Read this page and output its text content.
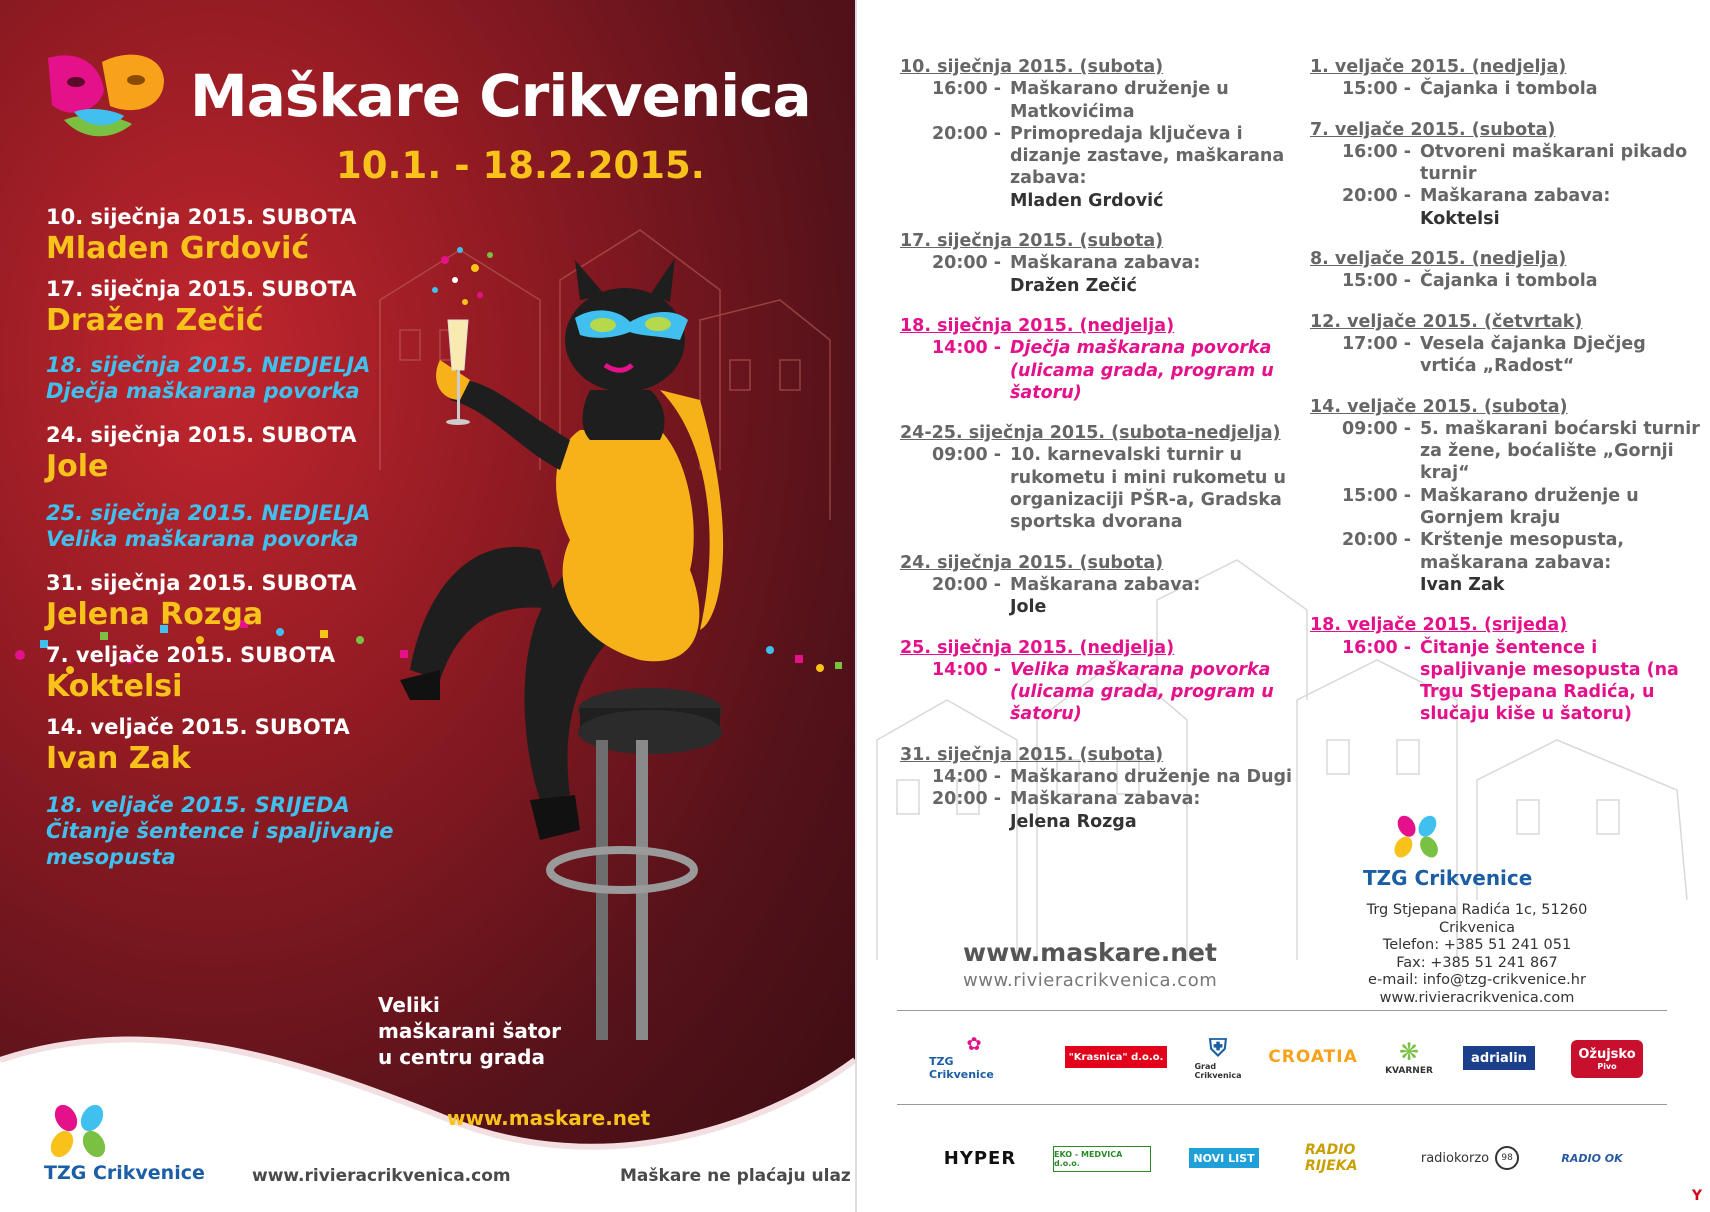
Maškare Crikvenica
10.1. - 18.2.2015.
10. siječnja 2015. SUBOTA
Mladen Grdović
17. siječnja 2015. SUBOTA
Dražen Zečić
18. siječnja 2015. NEDJELJA
Dječja maškarana povorka
24. siječnja 2015. SUBOTA
Jole
25. siječnja 2015. NEDJELJA
Velika maškarana povorka
31. siječnja 2015. SUBOTA
Jelena Rozga
7. veljače 2015. SUBOTA
Koktelsi
14. veljače 2015. SUBOTA
Ivan Zak
18. veljače 2015. SRIJEDA
Čitanje šentence i spaljivanje mesopusta
Veliki
maškarani šator
u centru grada
www.maskare.net
TZG Crikvenice	www.rivieracrikvenica.com	Maškare ne plaćaju ulaz
10. siječnja 2015. (subota)
16:00 - Maškarano druženje u Matkovićima
20:00 - Primopredaja ključeva i dizanje zastave, maškarana zabava:
Mladen Grdović
17. siječnja 2015. (subota)
20:00 - Maškarana zabava:
Dražen Zečić
18. siječnja 2015. (nedjelja)
14:00 - Dječja maškarana povorka (ulicama grada, program u šatoru)
24-25. siječnja 2015. (subota-nedjelja)
09:00 - 10. karnevalski turnir u rukometu i mini rukometu u organizaciji PŠR-a, Gradska sportska dvorana
24. siječnja 2015. (subota)
20:00 - Maškarana zabava:
Jole
25. siječnja 2015. (nedjelja)
14:00 - Velika maškarana povorka (ulicama grada, program u šatoru)
31. siječnja 2015. (subota)
14:00 - Maškarano druženje na Dugi
20:00 - Maškarana zabava:
Jelena Rozga
1. veljače 2015. (nedjelja)
15:00 - Čajanka i tombola
7. veljače 2015. (subota)
16:00 - Otvoreni maškarani pikado turnir
20:00 - Maškarana zabava:
Koktelsi
8. veljače 2015. (nedjelja)
15:00 - Čajanka i tombola
12. veljače 2015. (četvrtak)
17:00 - Vesela čajanka Dječjeg vrtića „Radost“
14. veljače 2015. (subota)
09:00 - 5. maškarani boćarski turnir za žene, boćalište „Gornji kraj“
15:00 - Maškarano druženje u Gornjem kraju
20:00 - Krštenje mesopusta, maškarana zabava:
Ivan Zak
18. veljače 2015. (srijeda)
16:00 - Čitanje šentence i spaljivanje mesopusta (na Trgu Stjepana Radića, u slučaju kiše u šatoru)
www.maskare.net
www.rivieracrikvenica.com
TZG Crikvenice
Trg Stjepana Radića 1c, 51260 Crikvenica
Telefon: +385 51 241 051
Fax: +385 51 241 867
e-mail: info@tzg-crikvenice.hr
www.rivieracrikvenica.com
✿
TZG Crikvenice
"Krasnica" d.o.o. ⛨
Grad Crikvenica
CROATIA ❋
KVARNER
adrialin	Ožujsko
Pivo
HYPER	EKO - MEDVICA d.o.o.	NOVI LIST	RADIO RIJEKA	radiokorzo	98	RADIO OK
Y
